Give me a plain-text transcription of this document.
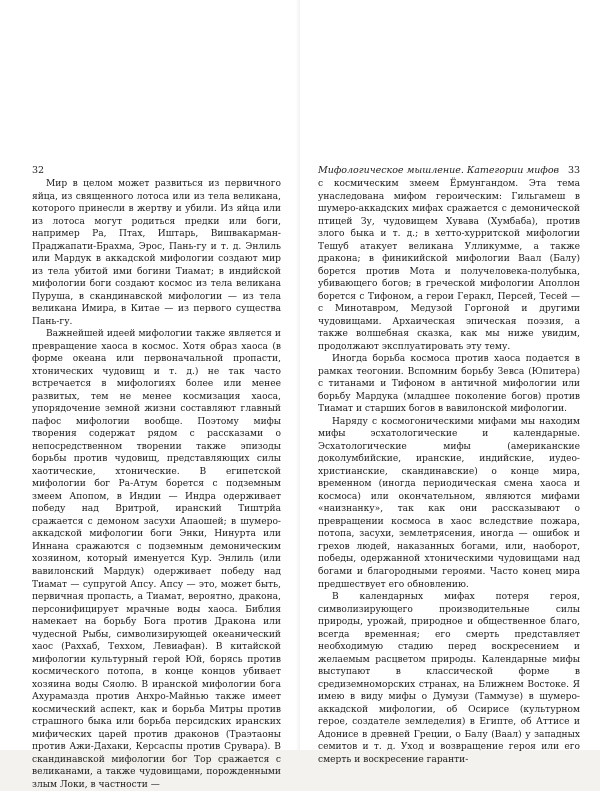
32

Мир в целом может развиться из первичного яйца, из священного лотоса или из тела великана, которого принесли в жертву и убили. Из яйца или из лотоса могут родиться предки или боги, например Ра, Птах, Иштарь, Вишвакарман-Праджапати-Брахма, Эрос, Пань-гу и т. д. Энлиль или Мардук в аккадской мифологии создают мир из тела убитой ими богини Тиамат; в индийской мифологии боги создают космос из тела великана Пуруша, в скандинавской мифологии — из тела великана Имира, в Китае — из первого существа Пань-гу.

Важнейшей идеей мифологии также является и превращение хаоса в космос. Хотя образ хаоса (в форме океана или первоначальной пропасти, хтонических чудовищ и т. д.) не так часто встречается в мифологиях более или менее развитых, тем не менее космизация хаоса, упорядочение земной жизни составляют главный пафос мифологии вообще. Поэтому мифы творения содержат рядом с рассказами о непосредственном творении также эпизоды борьбы против чудовищ, представляющих силы хаотические, хтонические. В египетской мифологии бог Ра-Атум борется с подземным змеем Апопом, в Индии — Индра одерживает победу над Вритрой, иранский Тиштрйа сражается с демоном засухи Апаошей; в шумеро-аккадской мифологии боги Энки, Нинурта или Иннана сражаются с подземным демоническим хозяином, который именуется Кур. Энлиль (или вавилонский Мардук) одерживает победу над Тиамат — супругой Апсу. Апсу — это, может быть, первичная пропасть, а Тиамат, вероятно, дракона, персонифицирует мрачные воды хаоса. Библия намекает на борьбу Бога против Дракона или чудесной Рыбы, символизирующей океанический хаос (Раххаб, Теххом, Левиафан). В китайской мифологии культурный герой Юй, борясь против космического потопа, в конце концов убивает хозяина воды Сяолю. В иранской мифологии бога Ахурамазда против Анхро-Майнью также имеет космический аспект, как и борьба Митры против страшного быка или борьба персидских иранских мифических царей против драконов (Траэтаоны против Ажи-Дахаки, Керсаспы против Срувара). В скандинавской мифологии бог Тор сражается с великанами, а также чудовищами, порожденными злым Локи, в частности —

Мифологическое мышление. Категории мифов 33

с космическим змеем Ёрмунгандом. Эта тема унаследована мифом героическим: Гильгамеш в шумеро-аккадских мифах сражается с демонической птицей Зу, чудовищем Хувава (Хумбаба), против злого быка и т. д.; в хетто-хурритской мифологии Тешуб атакует великана Улликумме, а также дракона; в финикийской мифологии Ваал (Балу) борется против Мота и получеловека-полубыка, убивающего богов; в греческой мифологии Аполлон борется с Тифоном, а герои Геракл, Персей, Тесей — с Минотавром, Медузой Горгоной и другими чудовищами. Архаическая эпическая поэзия, а также волшебная сказка, как мы ниже увидим, продолжают эксплуатировать эту тему.

Иногда борьба космоса против хаоса подается в рамках теогонии. Вспомним борьбу Зевса (Юпитера) с титанами и Тифоном в античной мифологии или борьбу Мардука (младшее поколение богов) против Тиамат и старших богов в вавилонской мифологии.

Наряду с космогоническими мифами мы находим мифы эсхатологические и календарные. Эсхатологические мифы (американские доколумбийские, иранские, индийские, иудео-христианские, скандинавские) о конце мира, временном (иногда периодическая смена хаоса и космоса) или окончательном, являются мифами «наизнанку», так как они рассказывают о превращении космоса в хаос вследствие пожара, потопа, засухи, землетрясения, иногда — ошибок и грехов людей, наказанных богами, или, наоборот, победы, одержанной хтоническими чудовищами над богами и благородными героями. Часто конец мира предшествует его обновлению.

В календарных мифах потеря героя, символизирующего производительные силы природы, урожай, природное и общественное благо, всегда временная; его смерть представляет необходимую стадию перед воскресением и желаемым расцветом природы. Календарные мифы выступают в классической форме в средиземноморских странах, на Ближнем Востоке. Я имею в виду мифы о Думузи (Таммузе) в шумеро-аккадской мифологии, об Осирисе (культурном герое, создателе земледелия) в Египте, об Аттисе и Адонисе в древней Греции, о Балу (Ваал) у западных семитов и т. д. Уход и возвращение героя или его смерть и воскресение гаранти-
